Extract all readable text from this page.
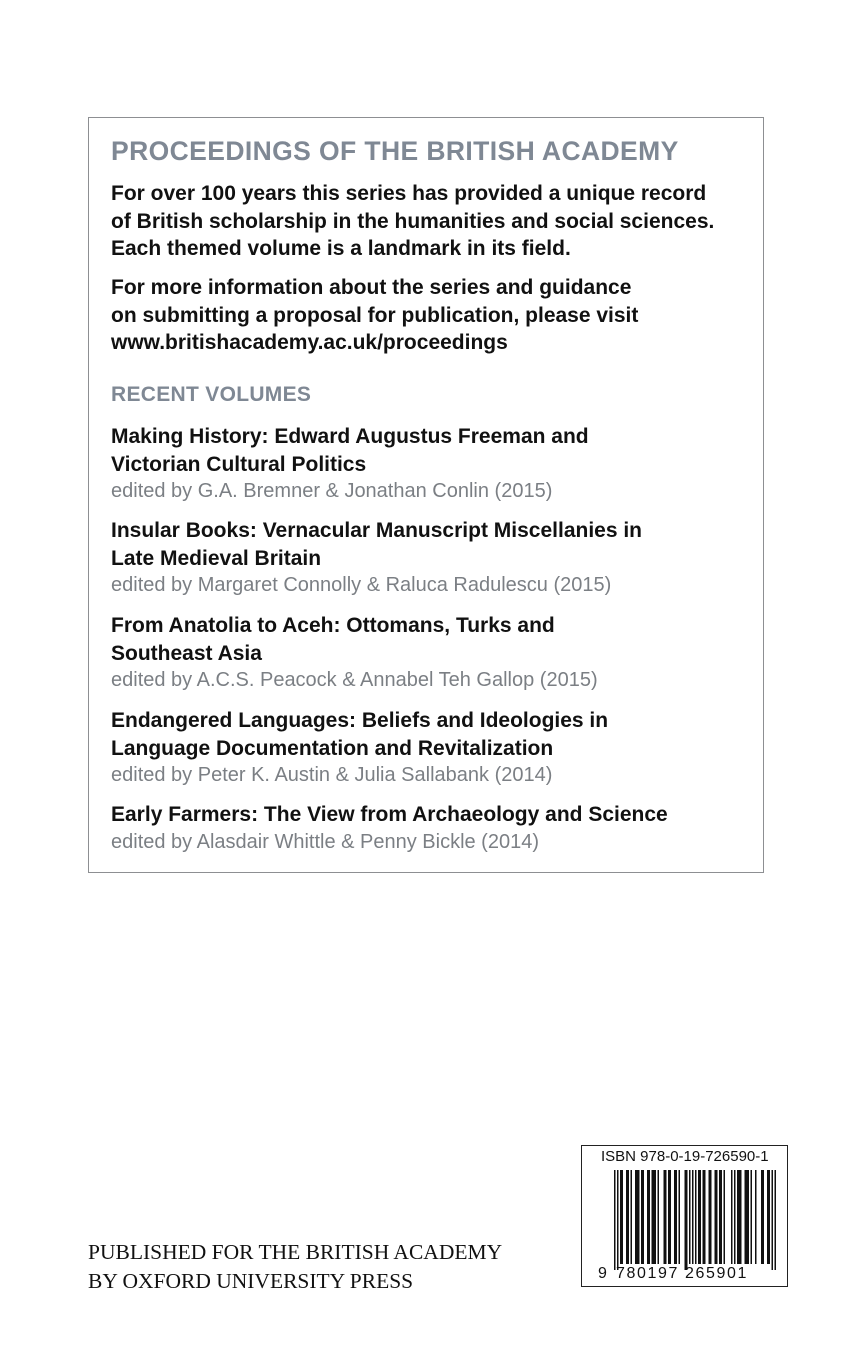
PROCEEDINGS OF THE BRITISH ACADEMY
For over 100 years this series has provided a unique record
of British scholarship in the humanities and social sciences.
Each themed volume is a landmark in its field.
For more information about the series and guidance
on submitting a proposal for publication, please visit
www.britishacademy.ac.uk/proceedings
RECENT VOLUMES
Making History: Edward Augustus Freeman and
Victorian Cultural Politics
edited by G.A. Bremner & Jonathan Conlin (2015)
Insular Books: Vernacular Manuscript Miscellanies in
Late Medieval Britain
edited by Margaret Connolly & Raluca Radulescu (2015)
From Anatolia to Aceh: Ottomans, Turks and
Southeast Asia
edited by A.C.S. Peacock & Annabel Teh Gallop (2015)
Endangered Languages: Beliefs and Ideologies in
Language Documentation and Revitalization
edited by Peter K. Austin & Julia Sallabank (2014)
Early Farmers: The View from Archaeology and Science
edited by Alasdair Whittle & Penny Bickle (2014)
PUBLISHED FOR THE BRITISH ACADEMY
BY OXFORD UNIVERSITY PRESS
ISBN 978-0-19-726590-1
9 780197 265901
